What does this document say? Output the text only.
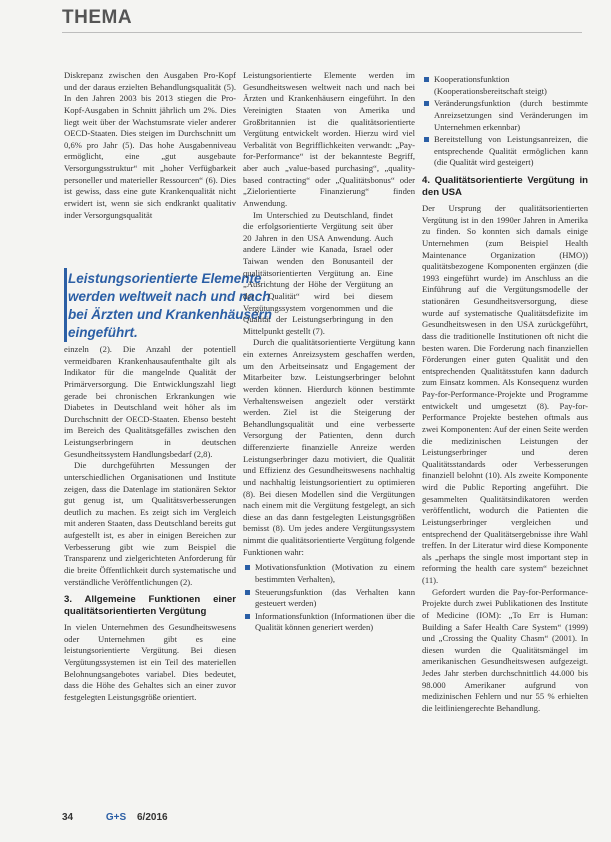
THEMA

Diskrepanz zwischen den Ausgaben Pro-Kopf und der daraus erzielten Behandlungsqualität (5). In den Jahren 2003 bis 2013 stiegen die Pro-Kopf-Ausgaben in Schnitt jährlich um 2%. Dies liegt weit über der Wachstumsrate vieler anderer OECD-Staaten. Dies steigen im Durchschnitt um 0,6% pro Jahr (5). Das hohe Ausgabenniveau ermöglicht, eine „gut ausgebaute Versorgungsstruktur“ mit „hoher Verfügbarkeit personeller und materieller Ressourcen“ (6). Dies ist gewiss, dass eine gute Krankenqualität nicht erwidert ist, wenn sie sich endkrankt qualitativ inder Versorgungsqualität

einzeln (2). Die Anzahl der potentiell vermeidbaren Krankenhausaufenthalte gilt als Indikator für die mangelnde Qualität der Primärversorgung. Die Entwicklungszahl liegt gerade bei chronischen Erkrankungen wie Diabetes in Deutschland weit höher als im Durchschnitt der OECD-Staaten. Ebenso besteht im Bereich des Qualitätsgefälles zwischen den Leistungserbringern in deutschen Gesundheitssystem Handlungsbedarf (2,8).

Die durchgeführten Messungen der unterschiedlichen Organisationen und Institute zeigen, dass die Datenlage im stationären Sektor gut genug ist, um Qualitätsverbesserungen deutlich zu machen. Es zeigt sich im Vergleich mit anderen Staaten, dass Deutschland bereits gut aufgestellt ist, es aber in einigen Bereichen zur Verbesserung gibt wie zum Beispiel die Transparenz und zielgerichteten Anforderung für die breite Öffentlichkeit durch systematische und verständliche Veröffentlichungen (2).

3. Allgemeine Funktionen einer qualitätsorientierten Vergütung

In vielen Unternehmen des Gesundheitswesens oder Unternehmen gibt es eine leistungsorientierte Vergütung. Bei diesen Vergütungssystemen ist ein Teil des materiellen Belohnungsangebotes variabel. Dies bedeutet, dass die Höhe des Gehaltes sich an einer zuvor festgelegten Leistungsgröße orientiert.

Leistungsorientierte Elemente werden weltweit nach und nach bei Ärzten und Krankenhäusern eingeführt.

Leistungsorientierte Elemente werden im Gesundheitswesen weltweit nach und nach bei Ärzten und Krankenhäusern eingeführt. In den Vereinigten Staaten von Amerika und Großbritannien ist die qualitätsorientierte Vergütung entwickelt worden. Hierzu wird viel Verbalität von Begrifflichkeiten verwandt: „Pay-for-Performance“ ist der bekannteste Begriff, aber auch „value-based purchasing“, „quality-based contracting“ oder „Qualitätsbonus“ oder „Zielorientierte Finanzierung“ finden Anwendung.

Im Unterschied zu Deutschland, findet die erfolgsorientierte Vergütung seit über 20 Jahren in den USA Anwendung. Auch andere Länder wie Kanada, Israel oder Taiwan wenden den Bonusanteil der qualitätsorientierten Vergütung an. Eine „Ausrichtung der Höhe der Vergütung an der Qualität“ wird bei diesem Vergütungssystem vorgenommen und die Qualität der Leistungserbringung in den Mittelpunkt gestellt (7).

Durch die qualitätsorientierte Vergütung kann ein externes Anreizsystem geschaffen werden, um den Arbeitseinsatz und Engagement der Mitarbeiter bzw. Leistungserbringer belohnt werden können. Hierdurch können bestimmte Verhaltensweisen angezielt oder verstärkt werden. Ziel ist die Steigerung der Behandlungsqualität und eine verbesserte Versorgung der Patienten, denn durch differenzierte finanzielle Anreize werden Leistungserbringer dazu motiviert, die Qualität und Effizienz des Gesundheitswesens nachhaltig und nachhaltig leistungsorientiert zu optimieren (8). Bei diesen Modellen sind die Vergütungen nach einem mit die Vergütung festgelegt, an sich diese an das dann festgelegten Leistungsgrößen bemisst (8). Um jedes andere Vergütungssystem nimmt die qualitätsorientierte Vergütung folgende Funktionen wahr:

Motivationsfunktion (Motivation zu einem bestimmten Verhalten),
Steuerungsfunktion (das Verhalten kann gesteuert werden)
Informationsfunktion (Informationen über die Qualität können generiert werden)
Kooperationsfunktion (Kooperationsbereitschaft steigt)
Veränderungsfunktion (durch bestimmte Anreizsetzungen sind Veränderungen im Unternehmen erkennbar)
Bereitstellung von Leistungsanreizen, die entsprechende Qualität ermöglichen kann (die Qualität wird gesteigert)
4. Qualitätsorientierte Vergütung in den USA

Der Ursprung der qualitätsorientierten Vergütung ist in den 1990er Jahren in Amerika zu finden. So konnten sich damals einige Unternehmen (zum Beispiel Health Maintenance Organization (HMO)) qualitätsbezogene Komponenten ergänzen (die 1993 eingeführt wurde) im Anschluss an die Einführung auf die Vergütungsmodelle der stationären Gesundheitsversorgung, diese wurde auf systematische Qualitätsdefizite im Gesundheitswesen in den USA zurückgeführt, dass die traditionelle Institutionen oft nicht die besten waren. Die Forderung nach finanziellen Förderungen einer guten Qualität und den entsprechenden Qualitätsstufen kann dadurch zum Einsatz kommen. Als Konsequenz wurden Pay-for-Performance-Projekte und Programme entwickelt und umgesetzt (8). Pay-for-Performance Projekte bestehen oftmals aus zwei Komponenten: Auf der einen Seite werden die medizinischen Leistungen der Leistungserbringer und deren Qualitätsstandards oder Verbesserungen finanziell belohnt (10). Als zweite Komponente wird die Public Reporting angeführt. Die gesammelten Qualitätsindikatoren werden veröffentlicht, wodurch die Patienten die Leistungserbringer vergleichen und entsprechend der Qualitätsergebnisse ihre Wahl treffen. In der Literatur wird diese Komponente als „perhaps the single most important step in reforming the health care system“ bezeichnet (11).

Gefordert wurden die Pay-for-Performance-Projekte durch zwei Publikationen des Institute of Medicine (IOM): „To Err is Human: Building a Safer Health Care System“ (1999) und „Crossing the Quality Chasm“ (2001). In diesen wurden die Qualitätsmängel im amerikanischen Gesundheitswesen aufgezeigt. Jedes Jahr sterben durchschnittlich 44.000 bis 98.000 Amerikaner aufgrund von medizinischen Fehlern und nur 55 % erhielten die leitliniengerechte Behandlung.

34	G+S 6/2016
